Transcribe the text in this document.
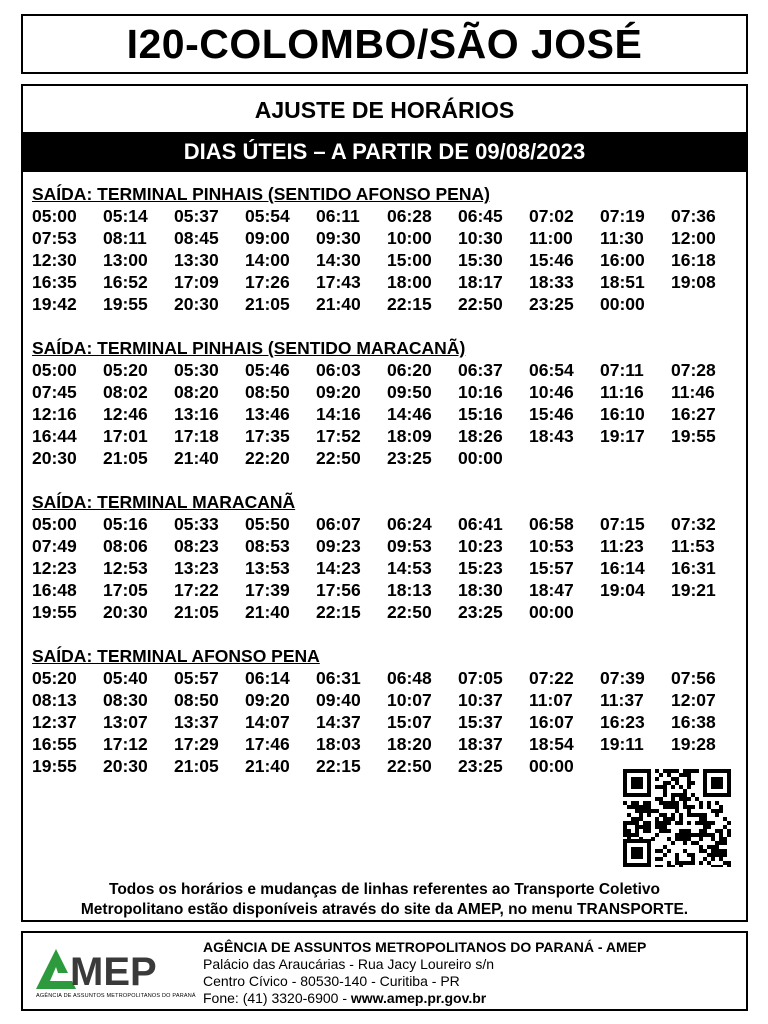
I20-COLOMBO/SÃO JOSÉ
AJUSTE DE HORÁRIOS
DIAS ÚTEIS – A PARTIR DE 09/08/2023
SAÍDA: TERMINAL PINHAIS (SENTIDO AFONSO PENA)
05:00	05:14	05:37	05:54	06:11	06:28	06:45	07:02	07:19	07:36
07:53	08:11	08:45	09:00	09:30	10:00	10:30	11:00	11:30	12:00
12:30	13:00	13:30	14:00	14:30	15:00	15:30	15:46	16:00	16:18
16:35	16:52	17:09	17:26	17:43	18:00	18:17	18:33	18:51	19:08
19:42	19:55	20:30	21:05	21:40	22:15	22:50	23:25	00:00
SAÍDA: TERMINAL PINHAIS (SENTIDO MARACANÃ)
05:00	05:20	05:30	05:46	06:03	06:20	06:37	06:54	07:11	07:28
07:45	08:02	08:20	08:50	09:20	09:50	10:16	10:46	11:16	11:46
12:16	12:46	13:16	13:46	14:16	14:46	15:16	15:46	16:10	16:27
16:44	17:01	17:18	17:35	17:52	18:09	18:26	18:43	19:17	19:55
20:30	21:05	21:40	22:20	22:50	23:25	00:00
SAÍDA: TERMINAL MARACANÃ
05:00	05:16	05:33	05:50	06:07	06:24	06:41	06:58	07:15	07:32
07:49	08:06	08:23	08:53	09:23	09:53	10:23	10:53	11:23	11:53
12:23	12:53	13:23	13:53	14:23	14:53	15:23	15:57	16:14	16:31
16:48	17:05	17:22	17:39	17:56	18:13	18:30	18:47	19:04	19:21
19:55	20:30	21:05	21:40	22:15	22:50	23:25	00:00
SAÍDA: TERMINAL AFONSO PENA
05:20	05:40	05:57	06:14	06:31	06:48	07:05	07:22	07:39	07:56
08:13	08:30	08:50	09:20	09:40	10:07	10:37	11:07	11:37	12:07
12:37	13:07	13:37	14:07	14:37	15:07	15:37	16:07	16:23	16:38
16:55	17:12	17:29	17:46	18:03	18:20	18:37	18:54	19:11	19:28
19:55	20:30	21:05	21:40	22:15	22:50	23:25	00:00
Todos os horários e mudanças de linhas referentes ao Transporte Coletivo
Metropolitano estão disponíveis através do site da AMEP, no menu TRANSPORTE.
MEP
AGÊNCIA DE ASSUNTOS METROPOLITANOS DO PARANÁ
AGÊNCIA DE ASSUNTOS METROPOLITANOS DO PARANÁ - AMEP
Palácio das Araucárias - Rua Jacy Loureiro s/n
Centro Cívico - 80530-140 - Curitiba - PR
Fone: (41) 3320-6900 - www.amep.pr.gov.br
